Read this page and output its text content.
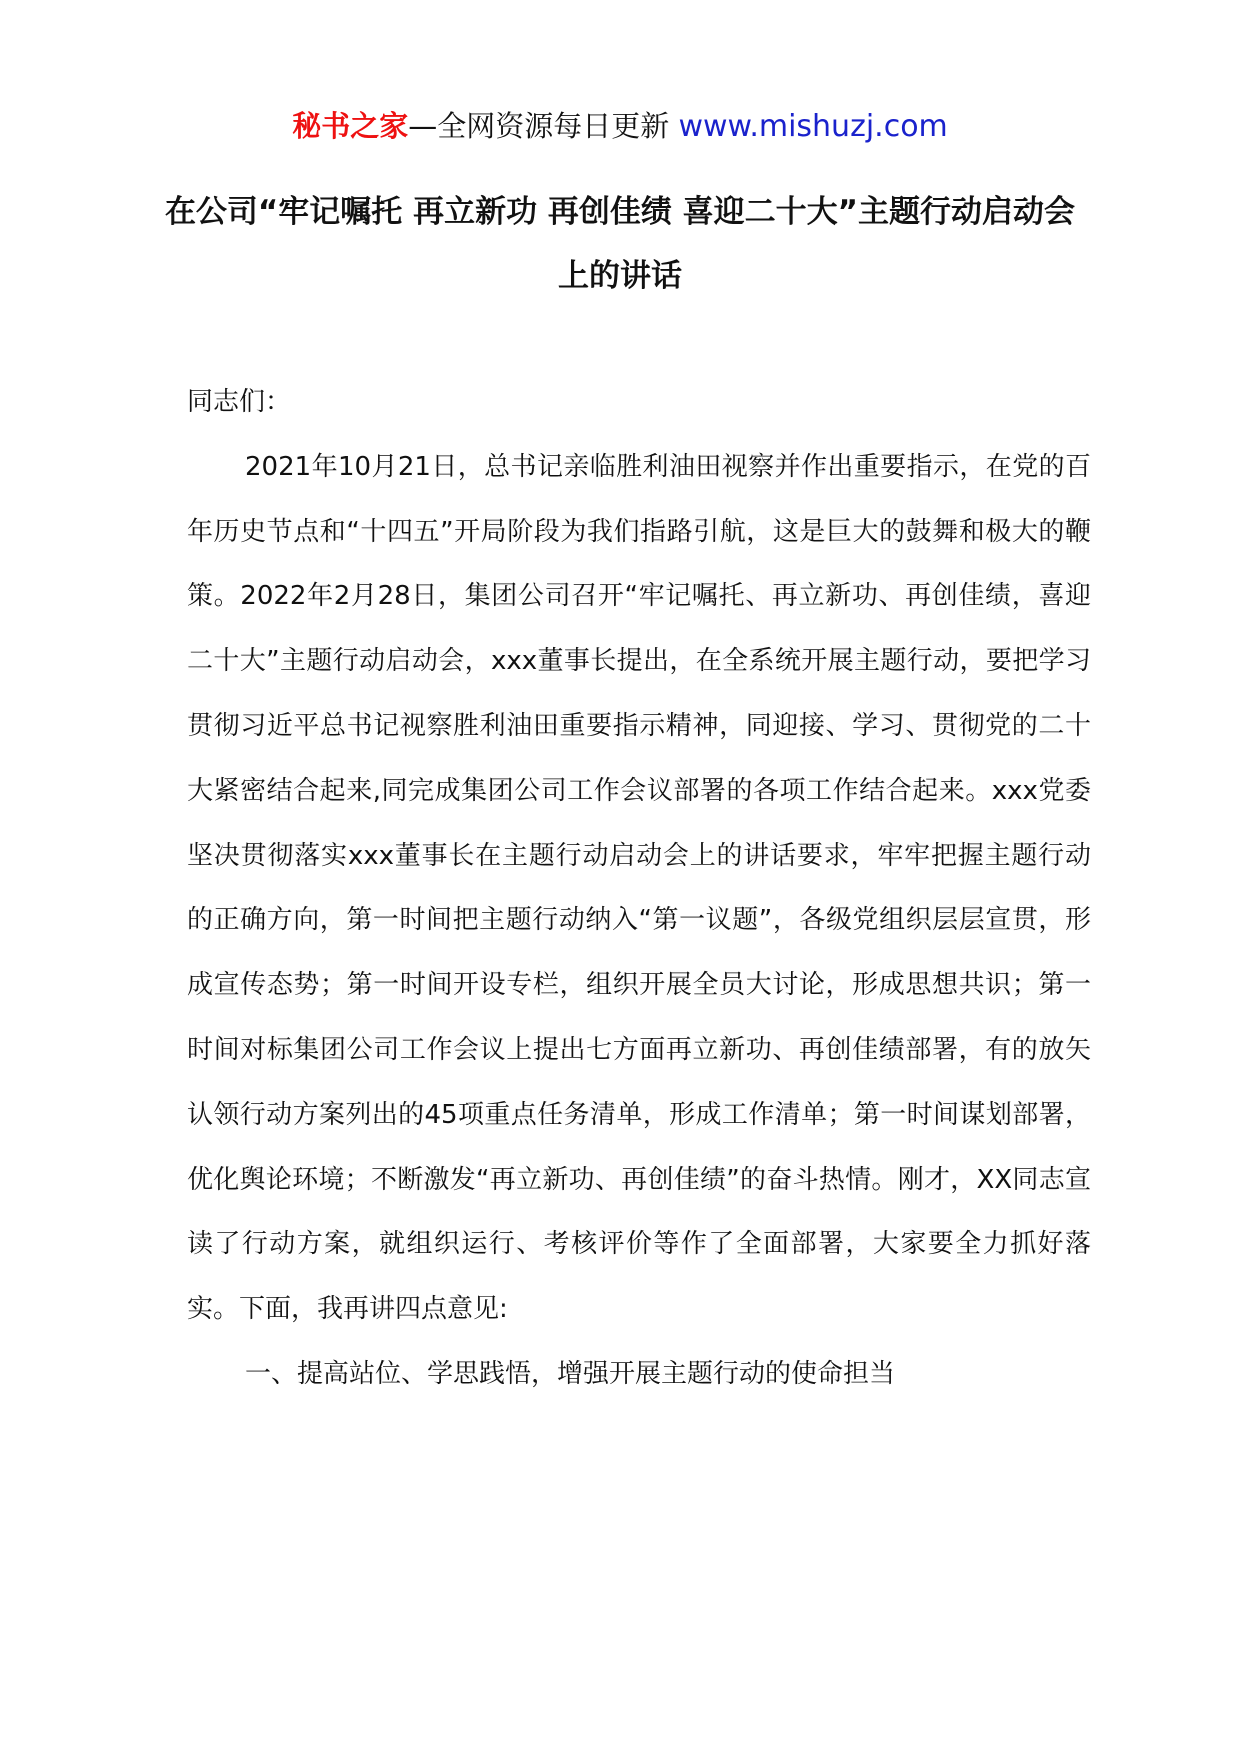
秘书之家—全网资源每日更新 www.mishuzj.com
在公司“牢记嘱托 再立新功 再创佳绩 喜迎二十大”主题行动启动会上的讲话

同志们：

2021年10月21日，总书记亲临胜利油田视察并作出重要指示，在党的百年历史节点和“十四五”开局阶段为我们指路引航，这是巨大的鼓舞和极大的鞭策。2022年2月28日，集团公司召开“牢记嘱托、再立新功、再创佳绩，喜迎二十大”主题行动启动会，xxx董事长提出，在全系统开展主题行动，要把学习贯彻习近平总书记视察胜利油田重要指示精神，同迎接、学习、贯彻党的二十大紧密结合起来,同完成集团公司工作会议部署的各项工作结合起来。xxx党委坚决贯彻落实xxx董事长在主题行动启动会上的讲话要求，牢牢把握主题行动的正确方向，第一时间把主题行动纳入“第一议题”，各级党组织层层宣贯，形成宣传态势；第一时间开设专栏，组织开展全员大讨论，形成思想共识；第一时间对标集团公司工作会议上提出七方面再立新功、再创佳绩部署，有的放矢认领行动方案列出的45项重点任务清单，形成工作清单；第一时间谋划部署，优化舆论环境；不断激发“再立新功、再创佳绩”的奋斗热情。刚才，XX同志宣读了行动方案，就组织运行、考核评价等作了全面部署，大家要全力抓好落实。下面，我再讲四点意见:

一、提高站位、学思践悟，增强开展主题行动的使命担当
